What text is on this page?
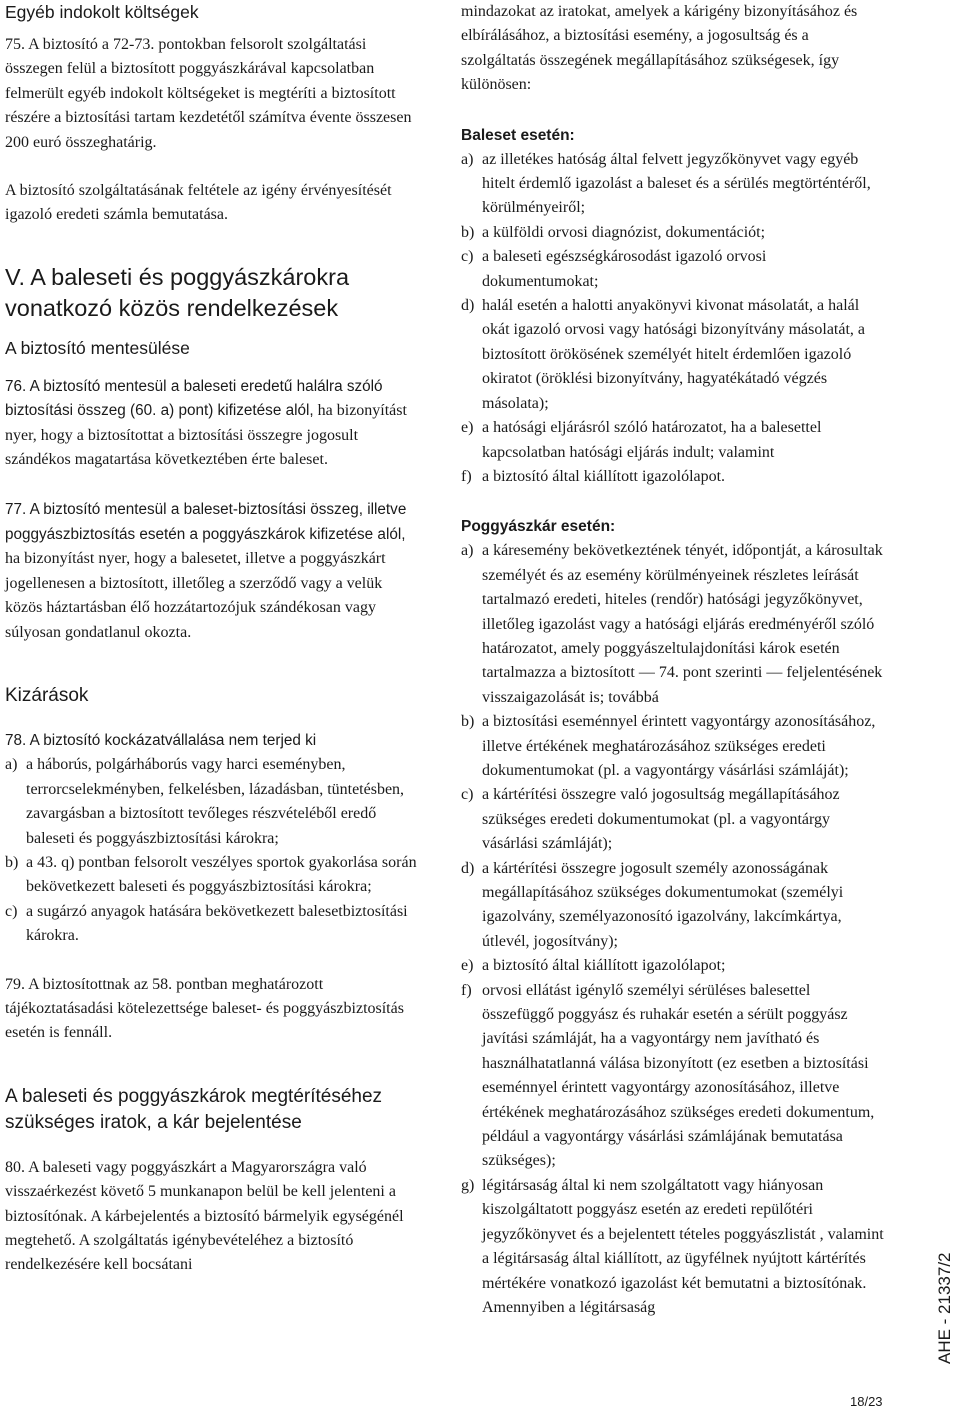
Egyéb indokolt költségek

75. A biztosító a 72-73. pontokban felsorolt szolgáltatási összegen felül a biztosított poggyászkárával kapcsolatban felmerült egyéb indokolt költségeket is megtéríti a biztosított részére a biztosítási tartam kezdetétől számítva évente összesen 200 euró összeghatárig.

A biztosító szolgáltatásának feltétele az igény érvényesítését igazoló eredeti számla bemutatása.

V. A baleseti és poggyászkárokra vonatkozó közös rendelkezések
A biztosító mentesülése

76. A biztosító mentesül a baleseti eredetű halálra szóló biztosítási összeg (60. a) pont) kifizetése alól, ha bizonyítást nyer, hogy a biztosítottat a biztosítási összegre jogosult szándékos magatartása következtében érte baleset.

77. A biztosító mentesül a baleset-biztosítási összeg, illetve poggyászbiztosítás esetén a poggyászkárok kifizetése alól, ha bizonyítást nyer, hogy a balesetet, illetve a poggyászkárt jogellenesen a biztosított, illetőleg a szerződő vagy a velük közös háztartásban élő hozzátartozójuk szándékosan vagy súlyosan gondatlanul okozta.

Kizárások

78. A biztosító kockázatvállalása nem terjed ki

a) a háborús, polgárháborús vagy harci eseményben, terrorcselekményben, felkelésben, lázadásban, tüntetésben, zavargásban a biztosított tevőleges részvételéből eredő baleseti és poggyászbiztosítási károkra;
b) a 43. q) pontban felsorolt veszélyes sportok gyakorlása során bekövetkezett baleseti és poggyászbiztosítási károkra;
c) a sugárzó anyagok hatására bekövetkezett balesetbiztosítási károkra.

79. A biztosítottnak az 58. pontban meghatározott tájékoztatásadási kötelezettsége baleset- és poggyászbiztosítás esetén is fennáll.

A baleseti és poggyászkárok megtérítéséhez szükséges iratok, a kár bejelentése

80. A baleseti vagy poggyászkárt a Magyarországra való visszaérkezést követő 5 munkanapon belül be kell jelenteni a biztosítónak. A kárbejelentés a biztosító bármelyik egységénél megtehető. A szolgáltatás igénybevételéhez a biztosító rendelkezésére kell bocsátani

mindazokat az iratokat, amelyek a kárigény bizonyításához és elbírálásához, a biztosítási esemény, a jogosultság és a szolgáltatás összegének megállapításához szükségesek, így különösen:

Baleset esetén:
a) az illetékes hatóság által felvett jegyzőkönyvet vagy egyéb hitelt érdemlő igazolást a baleset és a sérülés megtörténtéről, körülményeiről;
b) a külföldi orvosi diagnózist, dokumentációt;
c) a baleseti egészségkárosodást igazoló orvosi dokumentumokat;
d) halál esetén a halotti anyakönyvi kivonat másolatát, a halál okát igazoló orvosi vagy hatósági bizonyítvány másolatát, a biztosított örökösének személyét hitelt érdemlően igazoló okiratot (öröklési bizonyítvány, hagyatékátadó végzés másolata);
e) a hatósági eljárásról szóló határozatot, ha a balesettel kapcsolatban hatósági eljárás indult; valamint
f) a biztosító által kiállított igazolólapot.
Poggyászkár esetén:
a) a káresemény bekövetkeztének tényét, időpontját, a károsultak személyét és az esemény körülményeinek részletes leírását tartalmazó eredeti, hiteles (rendőr) hatósági jegyzőkönyvet, illetőleg igazolást vagy a hatósági eljárás eredményéről szóló határozatot, amely poggyászeltulajdonítási károk esetén tartalmazza a biztosított — 74. pont szerinti — feljelentésének visszaigazolását is; továbbá
b) a biztosítási eseménnyel érintett vagyontárgy azonosításához, illetve értékének meghatározásához szükséges eredeti dokumentumokat (pl. a vagyontárgy vásárlási számláját);
c) a kártérítési összegre való jogosultság megállapításához szükséges eredeti dokumentumokat (pl. a vagyontárgy vásárlási számláját);
d) a kártérítési összegre jogosult személy azonosságának megállapításához szükséges dokumentumokat (személyi igazolvány, személyazonosító igazolvány, lakcímkártya, útlevél, jogosítvány);
e) a biztosító által kiállított igazolólapot;
f) orvosi ellátást igénylő személyi sérüléses balesettel összefüggő poggyász és ruhakár esetén a sérült poggyász javítási számláját, ha a vagyontárgy nem javítható és használhatatlanná válása bizonyított (ez esetben a biztosítási eseménnyel érintett vagyontárgy azonosításához, illetve értékének meghatározásához szükséges eredeti dokumentum, például a vagyontárgy vásárlási számlájának bemutatása szükséges);
g) légitársaság által ki nem szolgáltatott vagy hiányosan kiszolgáltatott poggyász esetén az eredeti repülőtéri jegyzőkönyvet és a bejelentett tételes poggyászlistát , valamint a légitársaság által kiállított, az ügyfélnek nyújtott kártérítés mértékére vonatkozó igazolást két bemutatni a biztosítónak. Amennyiben a légitársaság	AHE - 21337/2
18/23
